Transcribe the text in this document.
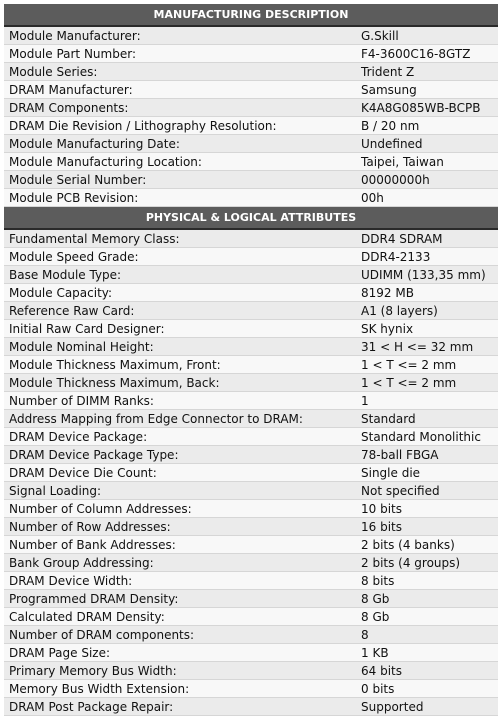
MANUFACTURING DESCRIPTION
Module Manufacturer:	G.Skill
Module Part Number:	F4-3600C16-8GTZ
Module Series:	Trident Z
DRAM Manufacturer:	Samsung
DRAM Components:	K4A8G085WB-BCPB
DRAM Die Revision / Lithography Resolution:	B / 20 nm
Module Manufacturing Date:	Undefined
Module Manufacturing Location:	Taipei, Taiwan
Module Serial Number:	00000000h
Module PCB Revision:	00h
PHYSICAL & LOGICAL ATTRIBUTES
Fundamental Memory Class:	DDR4 SDRAM
Module Speed Grade:	DDR4-2133
Base Module Type:	UDIMM (133,35 mm)
Module Capacity:	8192 MB
Reference Raw Card:	A1 (8 layers)
Initial Raw Card Designer:	SK hynix
Module Nominal Height:	31 < H <= 32 mm
Module Thickness Maximum, Front:	1 < T <= 2 mm
Module Thickness Maximum, Back:	1 < T <= 2 mm
Number of DIMM Ranks:	1
Address Mapping from Edge Connector to DRAM:	Standard
DRAM Device Package:	Standard Monolithic
DRAM Device Package Type:	78-ball FBGA
DRAM Device Die Count:	Single die
Signal Loading:	Not specified
Number of Column Addresses:	10 bits
Number of Row Addresses:	16 bits
Number of Bank Addresses:	2 bits (4 banks)
Bank Group Addressing:	2 bits (4 groups)
DRAM Device Width:	8 bits
Programmed DRAM Density:	8 Gb
Calculated DRAM Density:	8 Gb
Number of DRAM components:	8
DRAM Page Size:	1 KB
Primary Memory Bus Width:	64 bits
Memory Bus Width Extension:	0 bits
DRAM Post Package Repair:	Supported
